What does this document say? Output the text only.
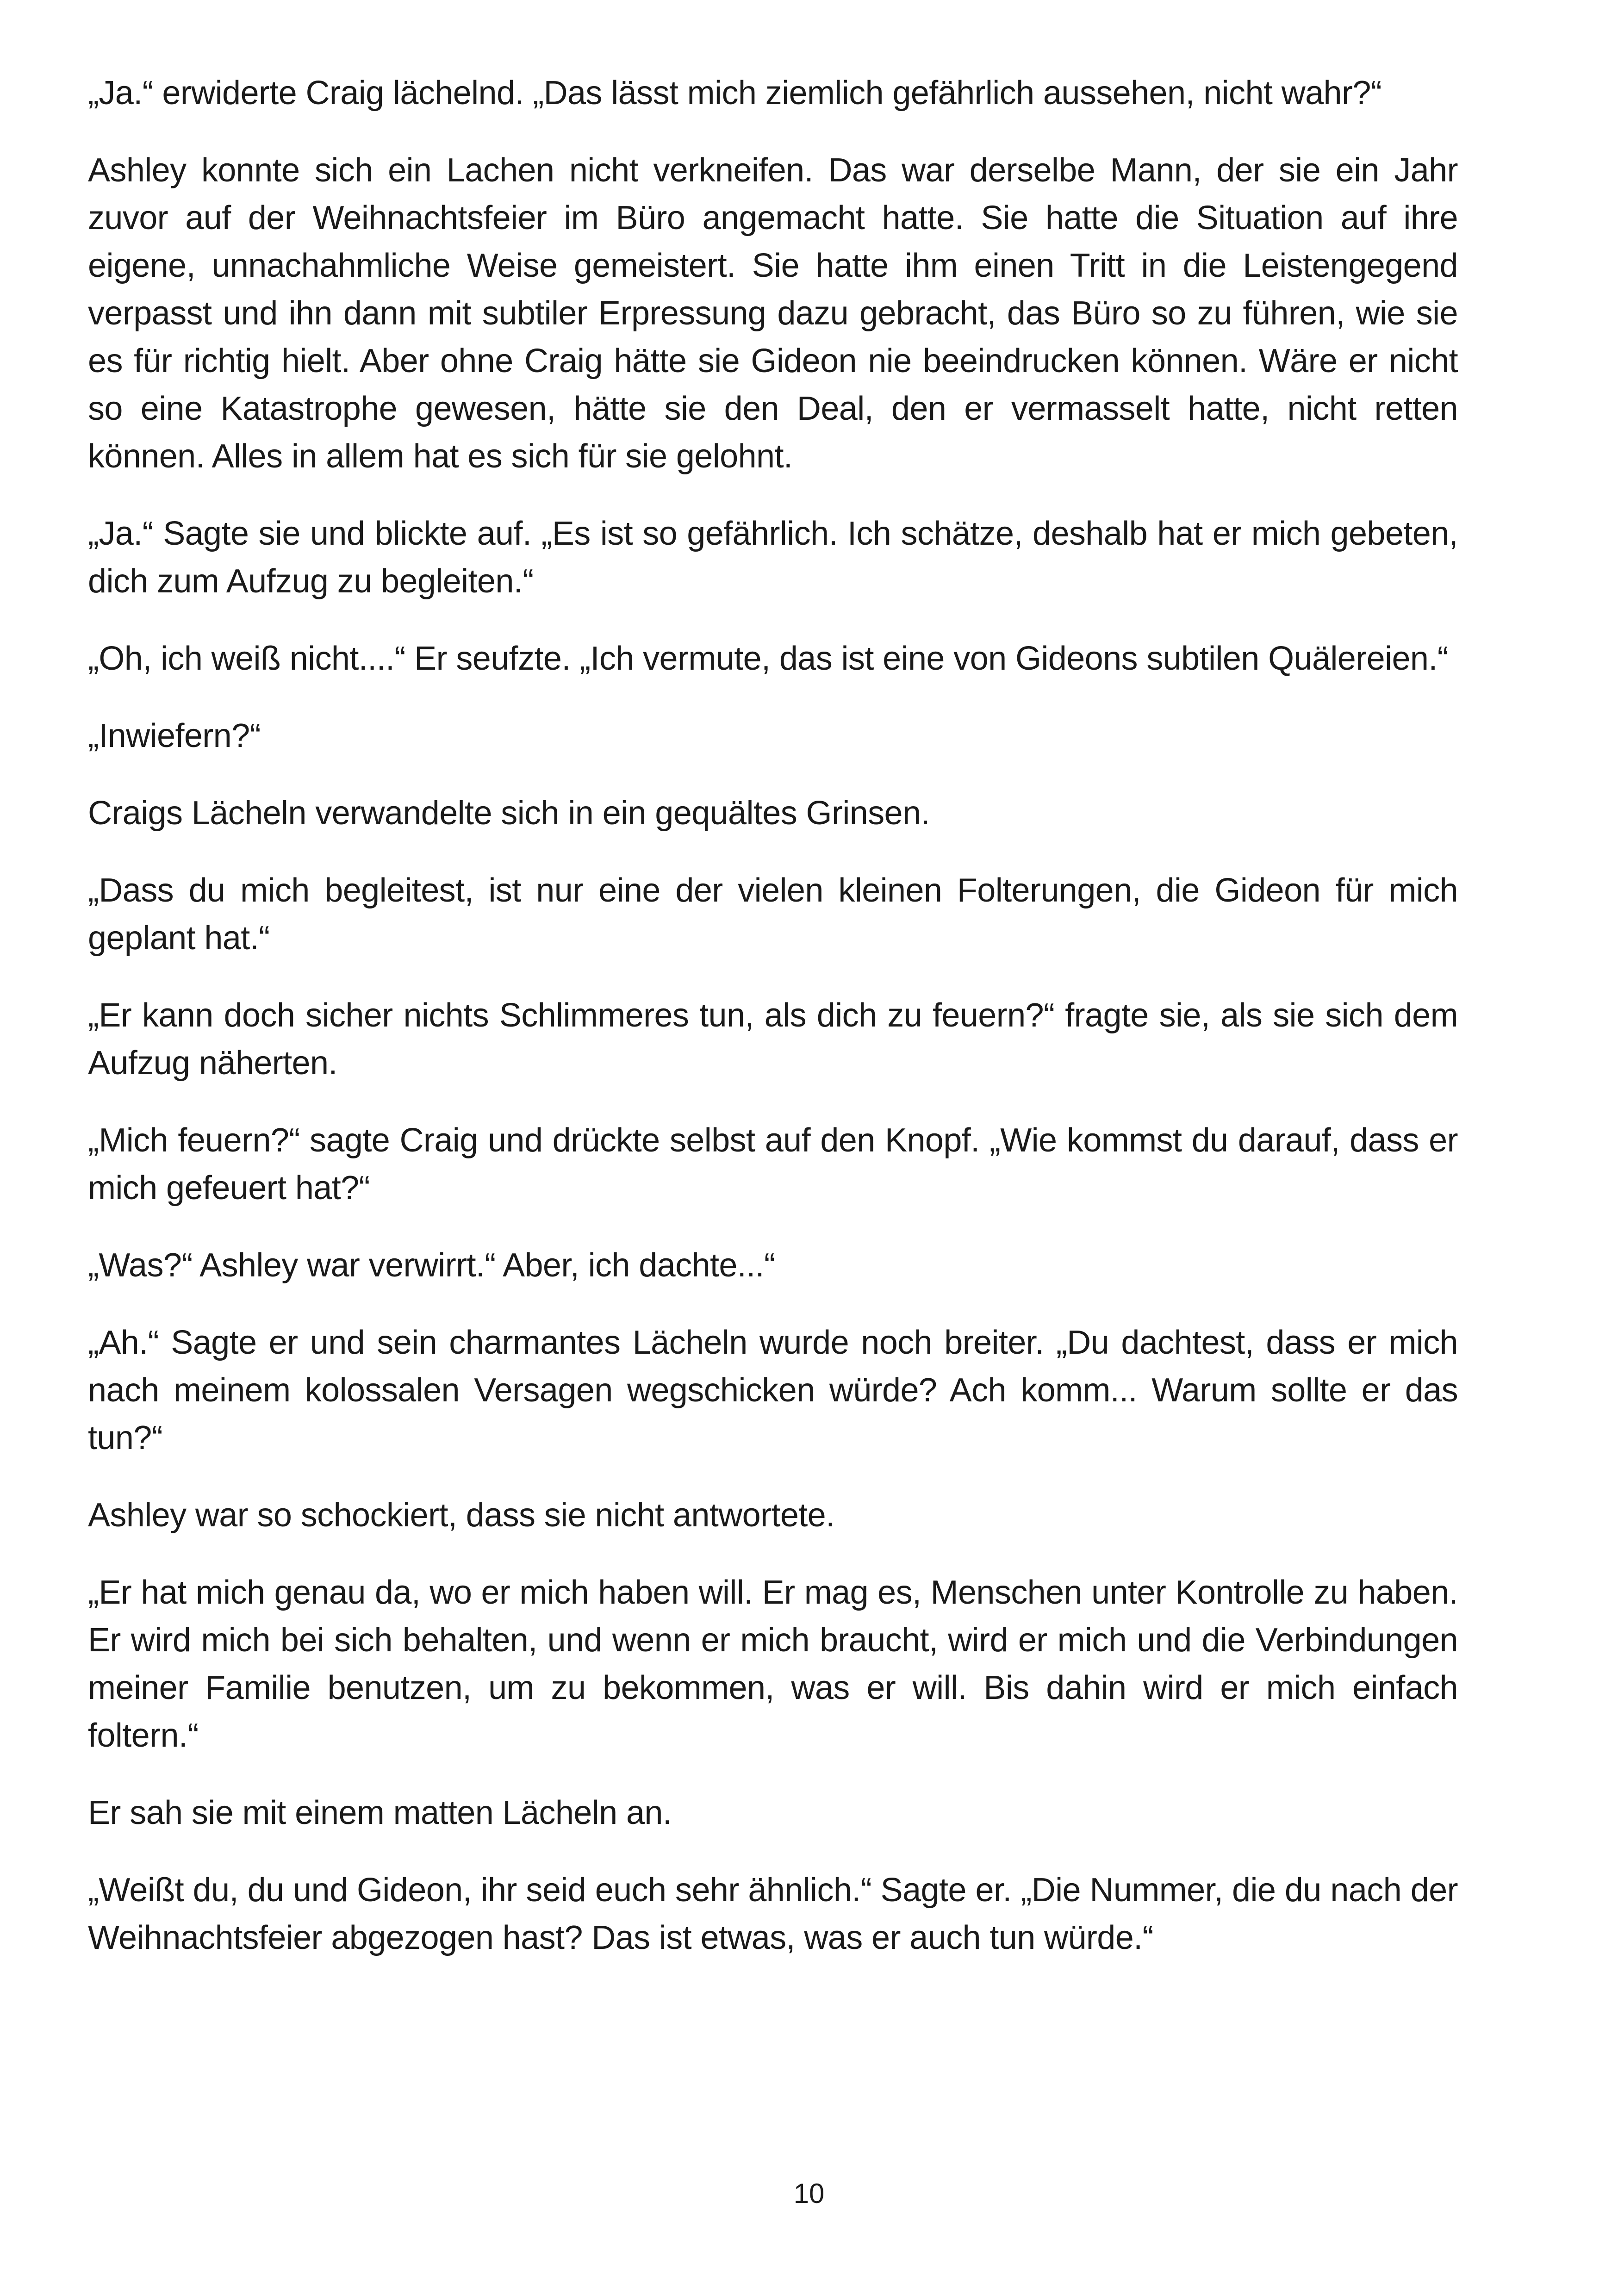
„Ja.“ erwiderte Craig lächelnd. „Das lässt mich ziemlich gefährlich aussehen, nicht wahr?“

Ashley konnte sich ein Lachen nicht verkneifen. Das war derselbe Mann, der sie ein Jahr zuvor auf der Weihnachtsfeier im Büro angemacht hatte. Sie hatte die Situation auf ihre eigene, unnachahmliche Weise gemeistert. Sie hatte ihm einen Tritt in die Leistengegend verpasst und ihn dann mit subtiler Erpressung dazu gebracht, das Büro so zu führen, wie sie es für richtig hielt. Aber ohne Craig hätte sie Gideon nie beeindrucken können. Wäre er nicht so eine Katastrophe gewesen, hätte sie den Deal, den er vermasselt hatte, nicht retten können. Alles in allem hat es sich für sie gelohnt.

„Ja.“ Sagte sie und blickte auf. „Es ist so gefährlich. Ich schätze, deshalb hat er mich gebeten, dich zum Aufzug zu begleiten.“

„Oh, ich weiß nicht....“ Er seufzte. „Ich vermute, das ist eine von Gideons subtilen Quälereien.“

„Inwiefern?“

Craigs Lächeln verwandelte sich in ein gequältes Grinsen.

„Dass du mich begleitest, ist nur eine der vielen kleinen Folterungen, die Gideon für mich geplant hat.“

„Er kann doch sicher nichts Schlimmeres tun, als dich zu feuern?“ fragte sie, als sie sich dem Aufzug näherten.

„Mich feuern?“ sagte Craig und drückte selbst auf den Knopf. „Wie kommst du darauf, dass er mich gefeuert hat?“

„Was?“ Ashley war verwirrt.“ Aber, ich dachte...“

„Ah.“ Sagte er und sein charmantes Lächeln wurde noch breiter. „Du dachtest, dass er mich nach meinem kolossalen Versagen wegschicken würde? Ach komm... Warum sollte er das tun?“

Ashley war so schockiert, dass sie nicht antwortete.

„Er hat mich genau da, wo er mich haben will. Er mag es, Menschen unter Kontrolle zu haben. Er wird mich bei sich behalten, und wenn er mich braucht, wird er mich und die Verbindungen meiner Familie benutzen, um zu bekommen, was er will. Bis dahin wird er mich einfach foltern.“

Er sah sie mit einem matten Lächeln an.

„Weißt du, du und Gideon, ihr seid euch sehr ähnlich.“ Sagte er. „Die Nummer, die du nach der Weihnachtsfeier abgezogen hast? Das ist etwas, was er auch tun würde.“

10
